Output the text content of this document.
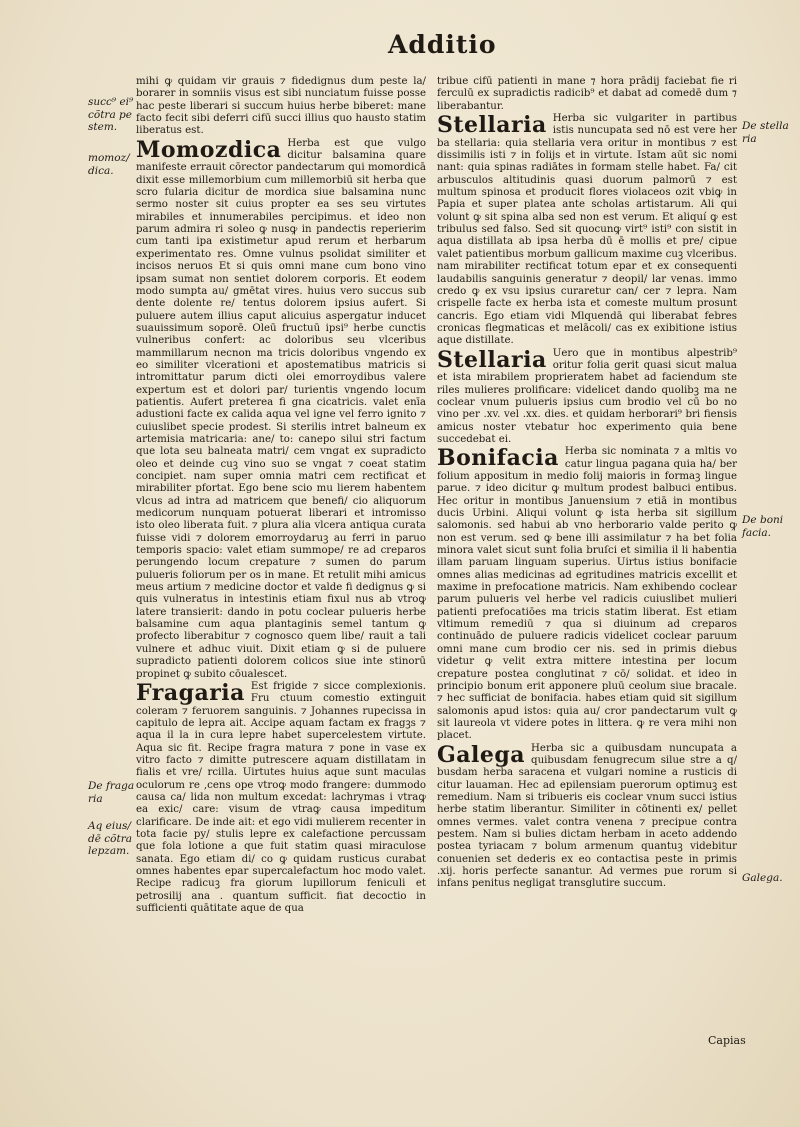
Additio

mihi ꝙ quidam vir grauis ⁊ fidedignus dum peste la/ borarer in somniis visus est sibi nunciatum fuisse posse hac peste liberari si succum huius herbe biberet: mane facto fecit sibi deferri cifū succi illius quo hausto statim liberatus est.

Momozdica Herba est que vulgo dicitur balsamina quare manifeste errauit cōrector pandectarum qui momordicā dixit esse millemorbium cum millemorbiū sit herba que scro fularia dicitur de mordica siue balsamina nunc sermo noster sit cuius propter ea ses seu virtutes mirabiles et innumerabiles percipimus. et ideo non parum admira ri soleo ꝙ nusꝙ in pandectis reperierim cum tanti ipa existimetur apud rerum et herbarum experimentato res. Omne vulnus psolidat similiter et incisos neruos Et si quis omni mane cum bono vino ipsam sumat non sentiet dolorem corporis. Et eodem modo sumpta au/ gmētat vires. huius vero succus sub dente dolente re/ tentus dolorem ipsius aufert. Si puluere autem illius caput alicuius aspergatur inducet suauissimum soporē. Oleū fructuū ipsi⁹ herbe cunctis vulneribus confert: ac doloribus seu vlceribus mammillarum necnon ma tricis doloribus vngendo ex eo similiter vlcerationi et apostematibus matricis si intromittatur parum dicti olei emorroydibus valere expertum est et dolori par/ turientis vngendo locum patientis. Aufert preterea fi gna cicatricis. valet enīa adustioni facte ex calida aqua vel igne vel ferro ignito ⁊ cuiuslibet specie prodest. Si sterilis intret balneum ex artemisia matricaria: ane/ to: canepo silui stri factum que lota seu balneata matri/ cem vngat ex supradicto oleo et deinde cuꝫ vino suo se vngat ⁊ coeat statim concipiet. nam super omnia matri cem rectificat et mirabiliter pfortat. Ego bene scio mu lierem habentem vlcus ad intra ad matricem que benefi/ cio aliquorum medicorum nunquam potuerat liberari et intromisso isto oleo liberata fuit. ⁊ plura alia vlcera antiqua curata fuisse vidi ⁊ dolorem emorroydaruꝫ au ferri in paruo temporis spacio: valet etiam summope/ re ad creparos perungendo locum crepature ⁊ sumen do parum pulueris foliorum per os in mane. Et retulit mihi amicus meus artium ⁊ medicine doctor et valde fi dedignus ꝙ si quis vulneratus in intestinis etiam fixul nus ab vtroꝙ latere transierit: dando in potu coclear pulueris herbe balsamine cum aqua plantaginis semel tantum ꝙ profecto liberabitur ⁊ cognosco quem libe/ rauit a tali vulnere et adhuc viuit. Dixit etiam ꝙ si de puluere supradicto patienti dolorem colicos siue inte stinorū propinet ꝙ subito cōualescet.

Fragaria Est frigide ⁊ sicce complexionis. Fru ctuum comestio extinguit coleram ⁊ feruorem sanguinis. ⁊ Johannes rupecissa in capitulo de lepra ait. Accipe aquam factam ex fragꝫs ⁊ aqua il la in cura lepre habet supercelestem virtute. Aqua sic fit. Recipe fragra matura ⁊ pone in vase ex vitro facto ⁊ dimitte putrescere aquam distillatam in fialis et vre/ rcilla. Uirtutes huius aque sunt maculas oculorum re ,cens ope vtroꝙ modo frangere: dummodo causa ca/ lida non multum excedat: lachrymas i vtraꝙ ea exic/ care: visum de vtraꝙ causa impeditum clarificare. De inde ait: et ego vidi mulierem recenter in tota facie py/ stulis lepre ex calefactione percussam que fola lotione a que fuit statim quasi miraculose sanata. Ego etiam di/ co ꝙ quidam rusticus curabat omnes habentes epar supercalefactum hoc modo valet. Recipe radicuꝫ fra giorum lupillorum feniculi et petrosilij ana . quantum sufficit. fiat decoctio in sufficienti quātitate aque de qua

tribue cifū patienti in mane ⁊ hora prādij faciebat fie ri ferculū ex supradictis radicib⁹ et dabat ad comedē dum ⁊ liberabantur.

Stellaria Herba sic vulgariter in partibus istis nuncupata sed nō est vere her ba stellaria: quia stellaria vera oritur in montibus ⁊ est dissimilis isti ⁊ in folijs et in virtute. Istam aūt sic nomi nant: quia spinas radiātes in formam stelle habet. Fa/ cit arbusculos altitudinis quasi duorum palmorū ⁊ est multum spinosa et producit flores violaceos ozit vbiꝙ in Papia et super platea ante scholas artistarum. Ali qui volunt ꝙ sit spina alba sed non est verum. Et aliquí ꝙ est tribulus sed falso. Sed sit quocunꝙ virt⁹ isti⁹ con sistit in aqua distillata ab ipsa herba dū ē mollis et pre/ cipue valet patientibus morbum gallicum maxime cuꝫ vlceribus. nam mirabiliter rectificat totum epar et ex consequenti laudabilis sanguinis generatur ⁊ deopil/ lar venas. immo credo ꝙ ex vsu ipsius curaretur can/ cer ⁊ lepra. Nam crispelle facte ex herba ista et comeste multum prosunt cancris. Ego etiam vidi Mlquendā qui liberabat febres cronicas flegmaticas et melācoli/ cas ex exibitione istius aque distillate.

Stellaria Uero que in montibus alpestrib⁹ oritur folia gerit quasi sicut malua et ista mirabilem proprieratem habet ad faciendum ste riles mulieres prolificare: videlicet dando quolibꝫ ma ne coclear vnum pulueris ipsius cum brodio vel cū bo no vino per .xv. vel .xx. dies. et quidam herborari⁹ bri fiensis amicus noster vtebatur hoc experimento quia bene succedebat ei.

Bonifacia Herba sic nominata ⁊ a mltis vo catur lingua pagana quia ha/ ber folium appositum in medio folij maioris in formaꝫ lingue parue. ⁊ ideo dicitur ꝙ multum prodest balbuci entibus. Hec oritur in montibus Januensium ⁊ etiā in montibus ducis Urbini. Aliqui volunt ꝙ ista herba sit sigillum salomonis. sed habui ab vno herborario valde perito ꝙ non est verum. sed ꝙ bene illi assimilatur ⁊ ha bet folia minora valet sicut sunt folia bruſci et similia il li habentia illam paruam linguam superius. Uirtus istius bonifacie omnes alias medicinas ad egritudines matricis excellit et maxime in prefocatione matricis. Nam exhibendo coclear parum pulueris vel herbe vel radicis cuiuslibet mulieri patienti prefocatiōes ma tricis statim liberat. Est etiam vltimum remediū ⁊ qua si diuinum ad creparos continuādo de puluere radicis videlicet coclear paruum omni mane cum brodio cer nis. sed in primis diebus videtur ꝙ velit extra mittere intestina per locum crepature postea conglutinat ⁊ cō/ solidat. et ideo in principio bonum erit apponere pluū ceolum siue bracale. ⁊ hec sufficiat de bonifacia. habes etiam quid sit sigillum salomonis apud istos: quia au/ cror pandectarum vult ꝙ sit laureola vt videre potes in littera. ꝙ re vera mihi non placet.

Galega Herba sic a quibusdam nuncupata a quibusdam fenugrecum silue stre a q/ busdam herba saracena et vulgari nomine a rusticis di citur lauaman. Hec ad epilensiam puerorum optimuꝫ est remedium. Nam si tribueris eis coclear vnum succi istius herbe statim liberantur. Similiter in cōtinenti ex/ pellet omnes vermes. valet contra venena ⁊ precipue contra pestem. Nam si bulies dictam herbam in aceto addendo postea tyriacam ⁊ bolum armenum quantuꝫ videbitur conuenien set dederis ex eo contactisa peste in primis .xij. horis perfecte sanantur. Ad vermes pue rorum si infans penitus negligat transglutire succum.

succ⁹ ei⁹ cõtra pe stem.
momoz/ dica.
De fraga ria
Aq eius/ dē cõtra lepzam.
De stella ria
De boni facia.
Galega.
Capias
